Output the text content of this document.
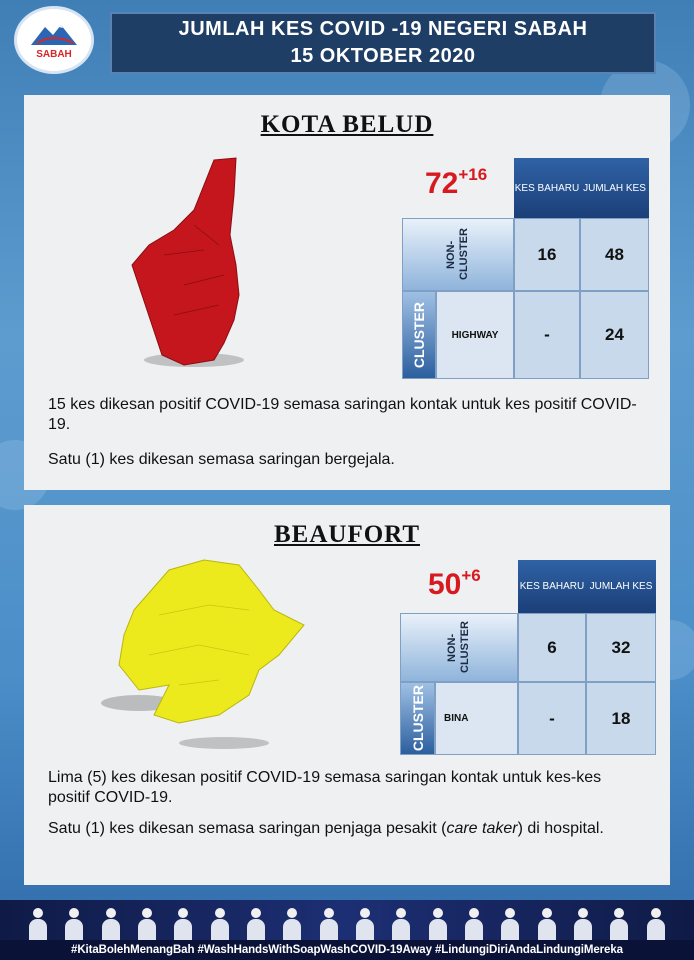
SABAH
JUMLAH KES COVID -19 NEGERI SABAH
15 OKTOBER 2020
KOTA BELUD
$72^{+16}$
KES BAHARU JUMLAH KES
NON-CLUSTER	16	48
CLUSTER	HIGHWAY	-	24

15 kes dikesan positif COVID-19 semasa saringan kontak untuk kes positif COVID-19.

Satu (1) kes dikesan semasa saringan bergejala.

BEAUFORT
$50^{+6}$
KES BAHARU JUMLAH KES
NON-CLUSTER	6	32
CLUSTER	BINA	-	18

Lima (5) kes dikesan positif COVID-19 semasa saringan kontak untuk kes-kes positif COVID-19.

Satu (1) kes dikesan semasa saringan penjaga pesakit (care taker) di hospital.

#KitaBolehMenangBah #WashHandsWithSoapWashCOVID-19Away #LindungiDiriAndaLindungiMereka
